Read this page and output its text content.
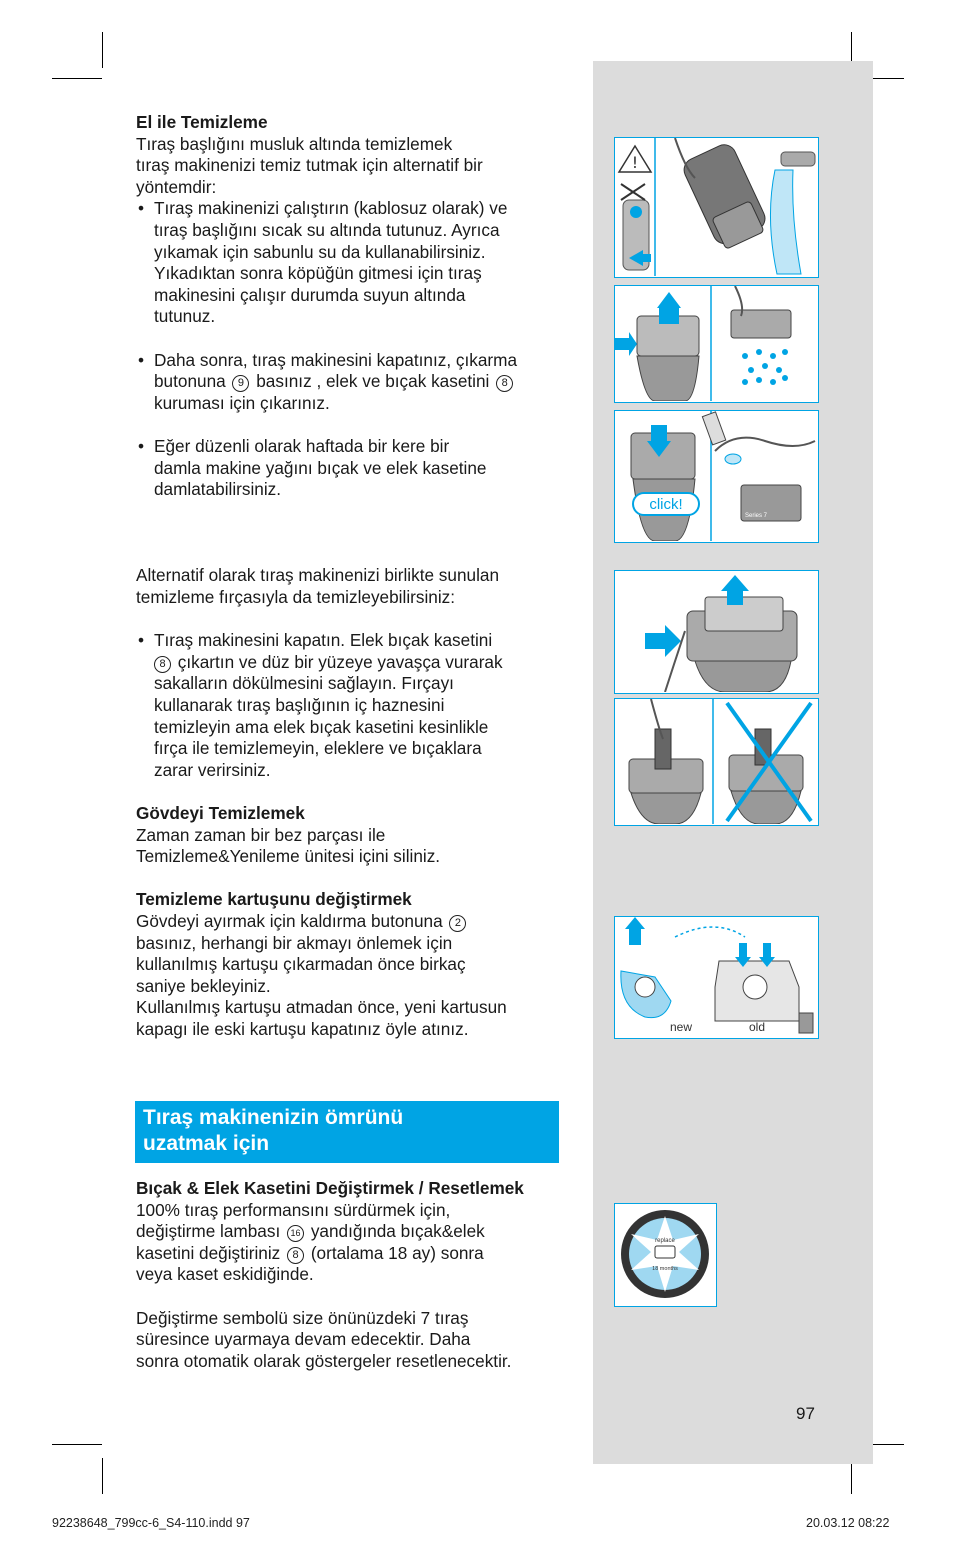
El ile Temizleme

Tıraş başlığını musluk altında temizlemek

tıraş makinenizi temiz tutmak için alternatif bir

yöntemdir:

• Tıraş makinenizi çalıştırın (kablosuz olarak) ve

tıraş başlığını sıcak su altında tutunuz. Ayrıca

yıkamak için sabunlu su da kullanabilirsiniz.

Yıkadıktan sonra köpüğün gitmesi için tıraş

makinesini çalışır durumda suyun altında

tutunuz.

• Daha sonra, tıraş makinesini kapatınız, çıkarma

butonuna 9 basınız , elek ve bıçak kasetini 8

kuruması için çıkarınız.

• Eğer düzenli olarak haftada bir kere bir

damla makine yağını bıçak ve elek kasetine

damlatabilirsiniz.

Alternatif olarak tıraş makinenizi birlikte sunulan

temizleme fırçasıyla da temizleyebilirsiniz:

• Tıraş makinesini kapatın. Elek bıçak kasetini

8 çıkartın ve düz bir yüzeye yavaşça vurarak

sakalların dökülmesini sağlayın. Fırçayı

kullanarak tıraş başlığının iç haznesini

temizleyin ama elek bıçak kasetini kesinlikle

fırça ile temizlemeyin, eleklere ve bıçaklara

zarar verirsiniz.

Gövdeyi Temizlemek

Zaman zaman bir bez parçası ile

Temizleme&Yenileme ünitesi içini siliniz.

Temizleme kartuşunu değiştirmek

Gövdeyi ayırmak için kaldırma butonuna 2

basınız, herhangi bir akmayı önlemek için

kullanılmış kartuşu çıkarmadan önce birkaç

saniye bekleyiniz.

Kullanılmış kartuşu atmadan önce, yeni kartusun

kapagı ile eski kartuşu kapatınız öyle atınız.

Tıraş makinenizin ömrünü
uzatmak için

Bıçak & Elek Kasetini Değiştirmek / Resetlemek

100% tıraş performansını sürdürmek için,

değiştirme lambası 16 yandığında bıçak&elek

kasetini değiştiriniz 8 (ortalama 18 ay) sonra

veya kaset eskidiğinde.

Değiştirme sembolü size önünüzdeki 7 tıraş

süresince uyarmaya devam edecektir. Daha

sonra otomatik olarak göstergeler resetlenecektir.

!
click!
Series 7
new	old
replace
18 months
97
92238648_799cc-6_S4-110.indd 97	20.03.12 08:22
